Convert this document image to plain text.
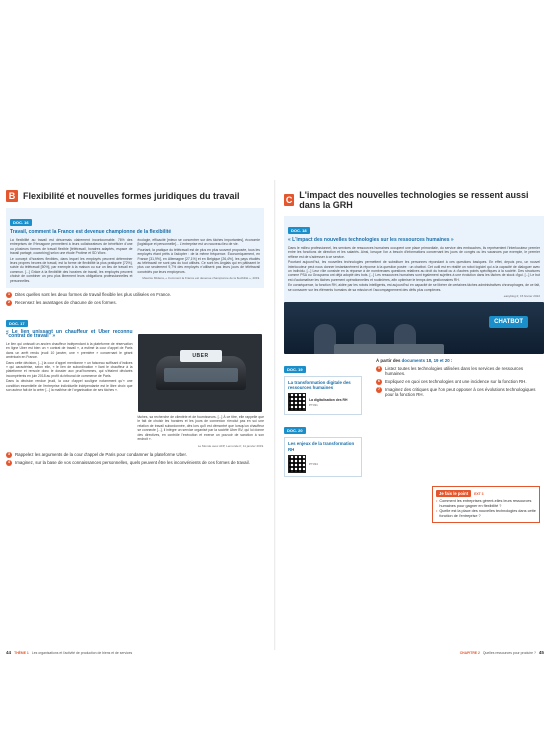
B Flexibilité et nouvelles formes juridiques du travail
DOC. 16
Travail, comment la France est devenue championne de la flexibilité

La flexibilité au travail est désormais clairement incontournable. 76% des entreprises de l'Hexagone permettent à leurs collaborateurs de bénéficier d'une ou plusieurs formes de travail flexible [télétravail, horaires adaptés, espace de travail partagé, coworking] selon une étude Protime et SD Worx.

Le concept d'horaires flexibles, dans lequel les employés peuvent déterminer leurs propres heures de travail, est la forme de flexibilité la plus pratiquée [72%], suivie du télétravail [50%], par exemple à la maison ou sur un lieu de travail en commun. [...] Grâce à la flexibilité des horaires de travail, les employés peuvent choisir de combiner un peu plus librement leurs obligations professionnelles et personnelles.

écologie, efficacité [mieux se concentrer sur des tâches importantes], économie [logistique et personnelle]... L'entreprise est un nouveau lieu de vie.

Pourtant, la pratique du télétravail est de plus en plus souvent proposée, tous les employés étant prêts à l'adopter : de la même fréquence. Économiquement, en France [31,9%], en Allemagne [27,1%] et en Belgique [26,4%], les pays étudiés au télétravail ne sont pas du tout utilisés. Ce sont les Anglais qui en pâtissent le plus car seulement 9,7% des employés n'utilisent pas leurs jours de télétravail concédés par leurs employeurs.

Maurice Midena, « Comment la France est devenue championne de la flexibilité », 2019.

1	Dites quelles sont les deux formes de travail flexible les plus utilisées en France.
2	Recensez les avantages de chacune de ces formes.
DOC. 17
« Le lien unissant un chauffeur et Uber reconnu "contrat de travail" »

Le lien qui unissait un ancien chauffeur indépendant à la plateforme de réservation en ligne Uber est bien un « contrat de travail », a estimé la cour d'appel de Paris dans un arrêt rendu jeudi 10 janvier, une « première » concernant le géant américain en France.

Dans cette décision, [...] la cour d'appel mentionne « un faisceau suffisant d'indices » qui caractérise, selon elle, « le lien de subordination » liant le chauffeur à la plateforme et renvoie donc le dossier aux prud'hommes, qui s'étaient déclarés incompétents en juin 2018 au profit du tribunal de commerce de Paris.

Dans la décision rendue jeudi, la cour d'appel souligne notamment qu'« une condition essentielle de l'entreprise individuelle indépendante est le libre choix que son auteur fait de la créer [...] la maîtrise de l'organisation de ses tâches ».

UBER

tâches, sa recherche de clientèle et de fournisseurs. [...] À ce titre, elle rappelle que le fait de choisir les horaires et les jours de connexion n'exclut pas en soi une relation de travail subordonnée, dès lors qu'il est démontré que lorsqu'un chauffeur se connecte [...], il intègre un service organisé par la société Uber BV, qui lui donne des directives, en contrôle l'exécution et exerce un pouvoir de sanction à son endroit ».

Le Monde avec AFP, Lemonde.fr, 11 janvier 2019.

3	Rappelez les arguments de la cour d'appel de Paris pour condamner la plateforme Uber.
4	Imaginez, sur la base de vos connaissances personnelles, quels peuvent être les inconvénients de ces formes de travail.
44 THÈME 1 Les organisations et l'activité de production de biens et de services
C L'impact des nouvelles technologies se ressent aussi dans la GRH
DOC. 18
« L'impact des nouvelles technologies sur les ressources humaines »

Dans le milieu professionnel, les services de ressources humaines occupent une place primordiale, du service des embauches, ils représentent l'interlocuteur premier entre les fonctions de direction et les salariés. Ainsi, lorsque l'on a besoin d'informations concernant les jours de congés ou les vacances par exemple, le premier réflexe est de s'adresser à ce service.

Pourtant aujourd'hui, les nouvelles technologies permettent de substituer les personnes répondant à ces questions basiques. En effet, depuis peu, un nouvel interlocuteur peut nous donner instantanément la réponse à la question posée : un chatbot. Cet outil est en réalité un robot logiciel qui a la capacité de dialoguer avec un individu. [...] Leur rôle consiste en la réponse à de nombreuses questions relatives au droit du travail ou à d'autres points spécifiques à la société. Des structures comme PSA ou Groupama ont déjà adopté des bots. [...] Les ressources humaines sont également sujettes à une évolution dans les tâches de stock d'gui. [...] Le but est d'automatiser les tâches purement opérationnelles et routinières, afin optimiser le temps des gestionnaires RH.

En conséquence, la fonction RH, aidée par les robots intelligents, est aujourd'hui en capacité de se libérer de certaines tâches administratives chronophages, de ce fait, se consacrer sur les éléments humains de sa mission et l'accompagnement des défis plus complexes.

easyblog.fr, 15 février 2022

CHATBOT
DOC. 19
La transformation digitale des ressources humaines
La digitalisation des RH
PT331
DOC. 20
Les enjeux de la transformation RH
PT334
À partir des documents 18, 19 et 20 :
5	Listez toutes les technologies utilisées dans les services de ressources humaines.
6	Expliquez en quoi ces technologies ont une incidence sur la fonction RH.
7	Imaginez des critiques que l'on peut opposer à ces évolutions technologiques pour la fonction RH.
Je fais le point	EXT 3
• Comment les entreprises gèrent-elles leurs ressources humaines pour gagner en flexibilité ?
• Quelle est la place des nouvelles technologies dans cette fonction de l'entreprise ?
CHAPITRE 2 Quelles ressources pour produire ? 45
